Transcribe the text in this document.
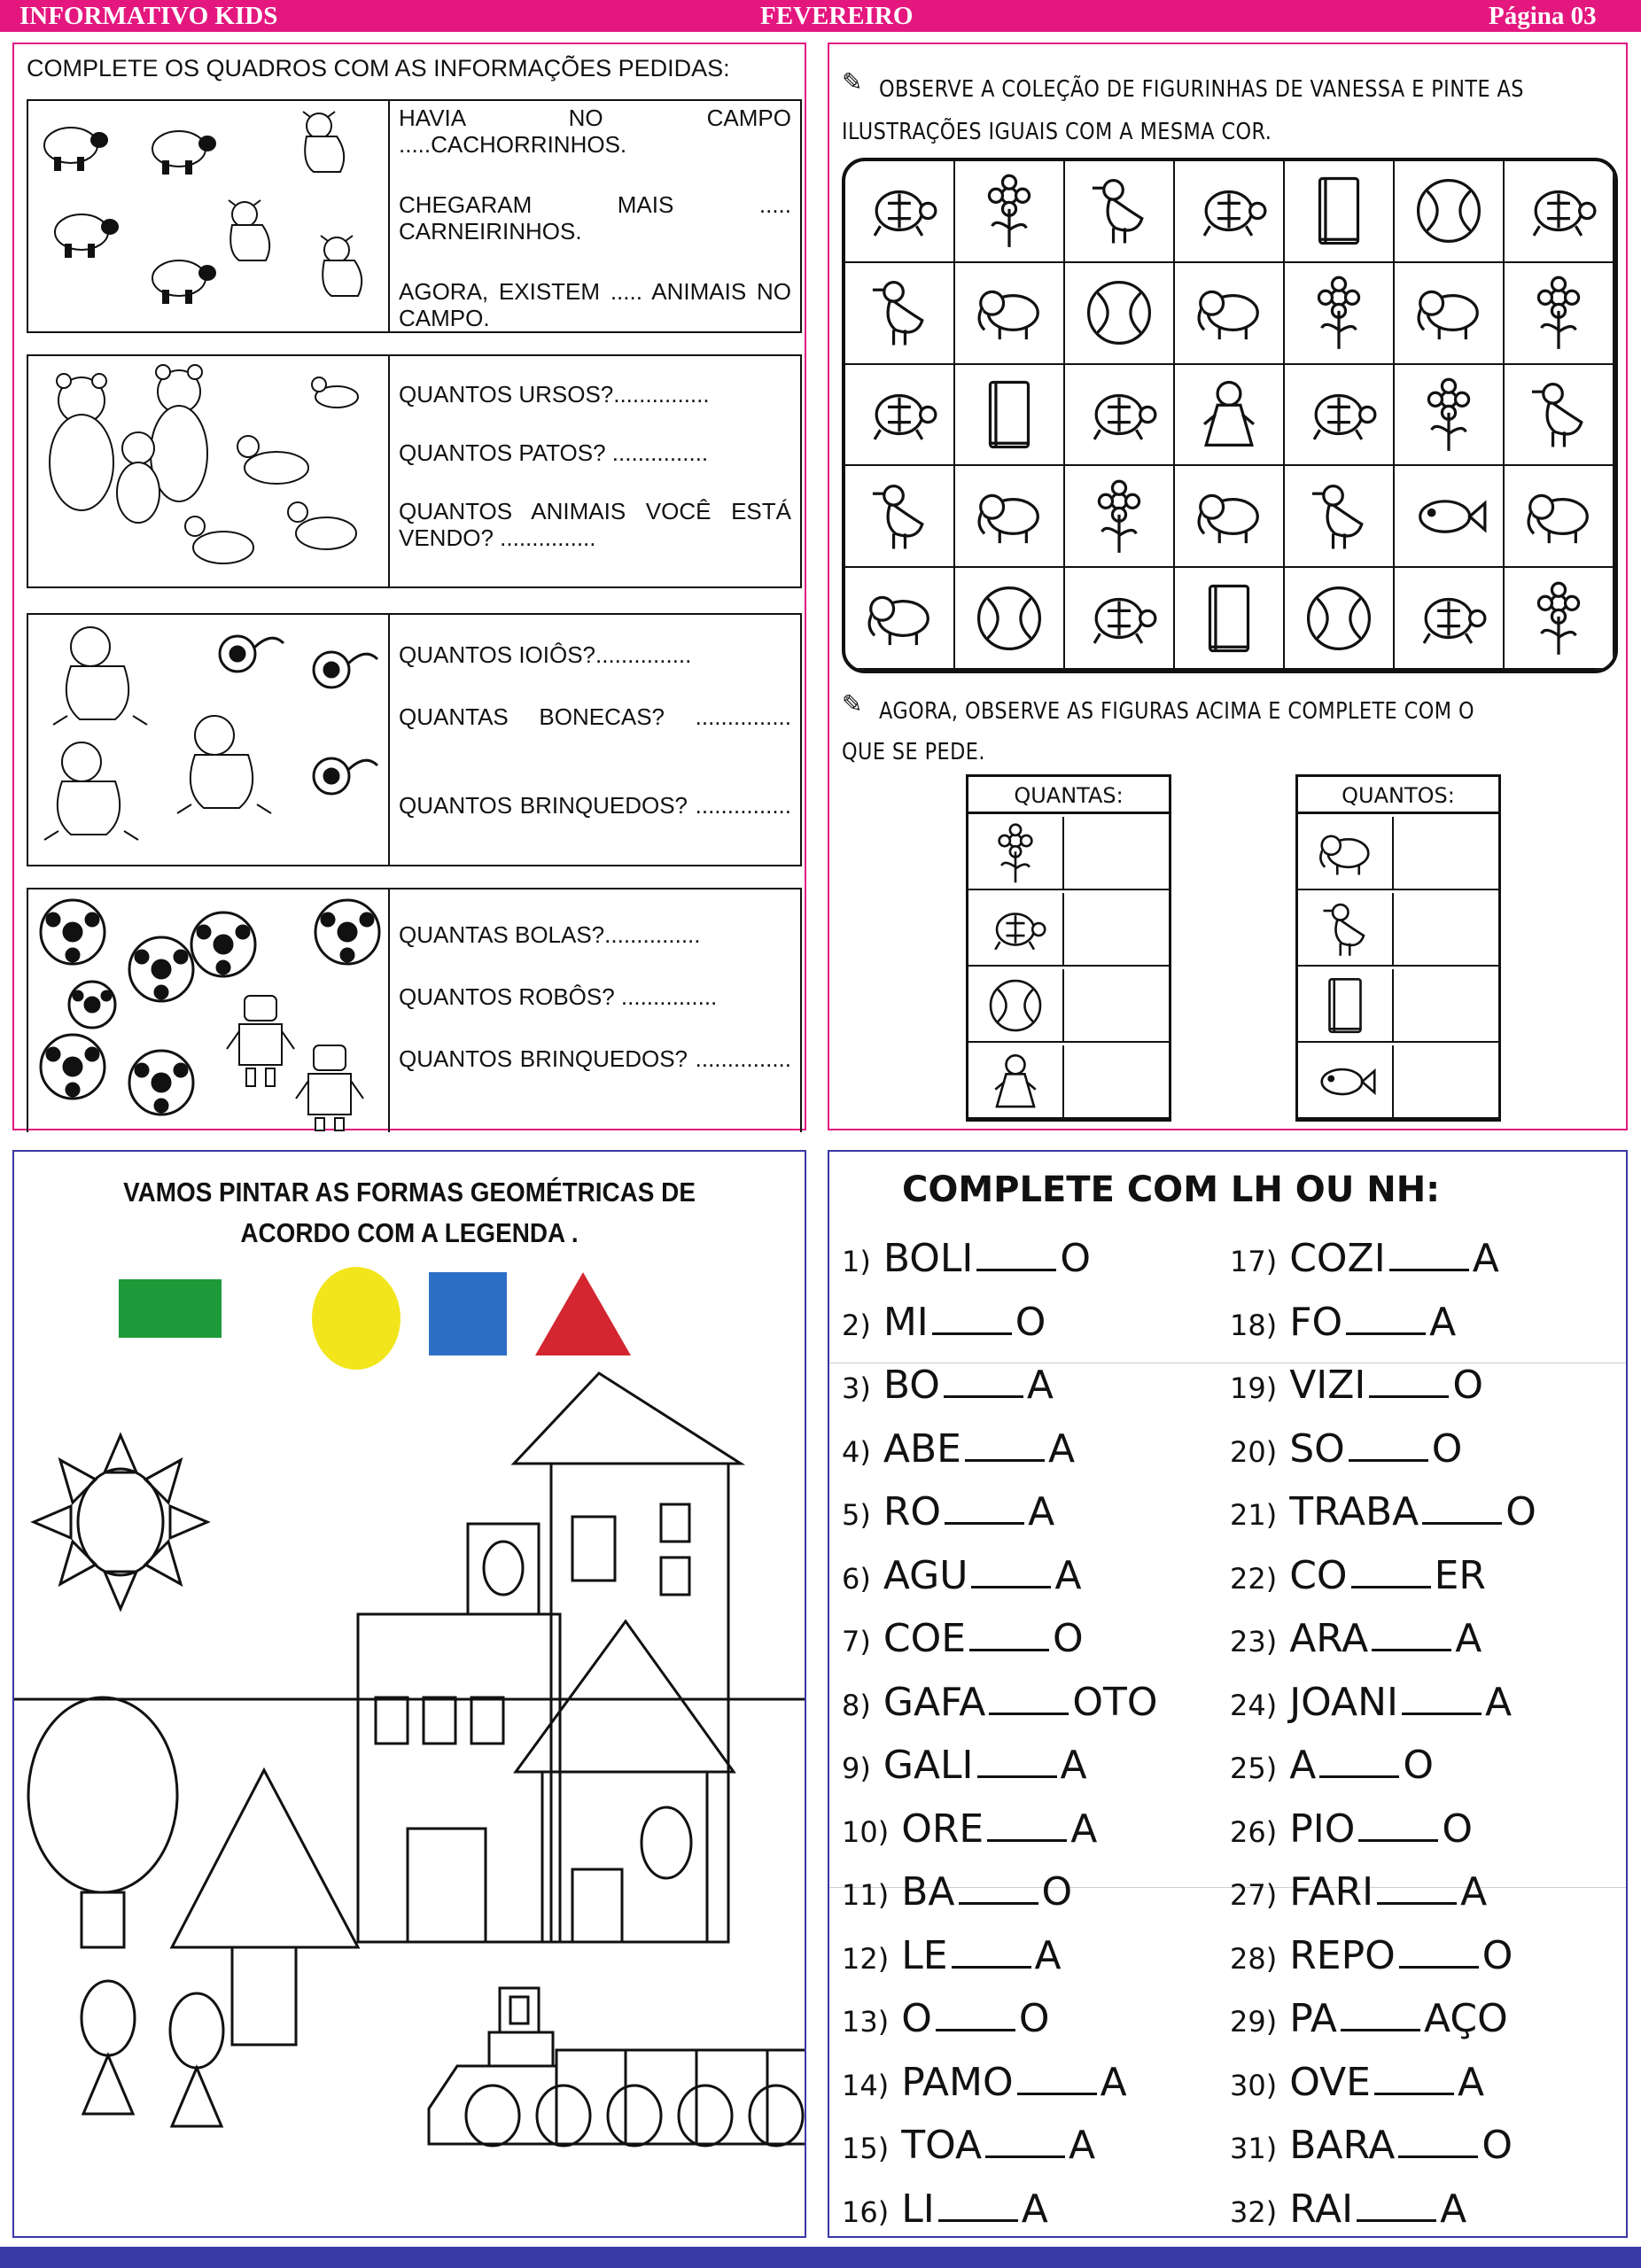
INFORMATIVO KIDS	FEVEREIRO	Página 03
COMPLETE OS QUADROS COM AS INFORMAÇÕES PEDIDAS:

HAVIA NO CAMPO .....CACHORRINHOS.

CHEGARAM MAIS ..... CARNEIRINHOS.

AGORA, EXISTEM ..... ANIMAIS NO CAMPO.

QUANTOS URSOS?...............

QUANTOS PATOS? ...............

QUANTOS ANIMAIS VOCÊ ESTÁ VENDO? ...............

QUANTOS IOIÔS?...............

QUANTAS BONECAS? ...............

QUANTOS BRINQUEDOS? ...............

QUANTAS BOLAS?...............

QUANTOS ROBÔS? ...............

QUANTOS BRINQUEDOS? ...............

✎ OBSERVE A COLEÇÃO DE FIGURINHAS DE VANESSA E PINTE AS
ILUSTRAÇÕES IGUAIS COM A MESMA COR.
✎ AGORA, OBSERVE AS FIGURAS ACIMA E COMPLETE COM O
QUE SE PEDE.
QUANTAS:	QUANTOS:
VAMOS PINTAR AS FORMAS GEOMÉTRICAS DE
ACORDO COM A LEGENDA .
COMPLETE COM LH OU NH:
1) BOLI O
2) MI O
3) BO A
4) ABE A
5) RO A
6) AGU A
7) COE O
8) GAFA OTO
9) GALI A
10) ORE A
11) BA O
12) LE A
13) O O
14) PAMO A
15) TOA A
16) LI A
17) COZI A
18) FO A
19) VIZI O
20) SO O
21) TRABA O
22) CO ER
23) ARA A
24) JOANI A
25) A O
26) PIO O
27) FARI A
28) REPO O
29) PA AÇO
30) OVE A
31) BARA O
32) RAI A
